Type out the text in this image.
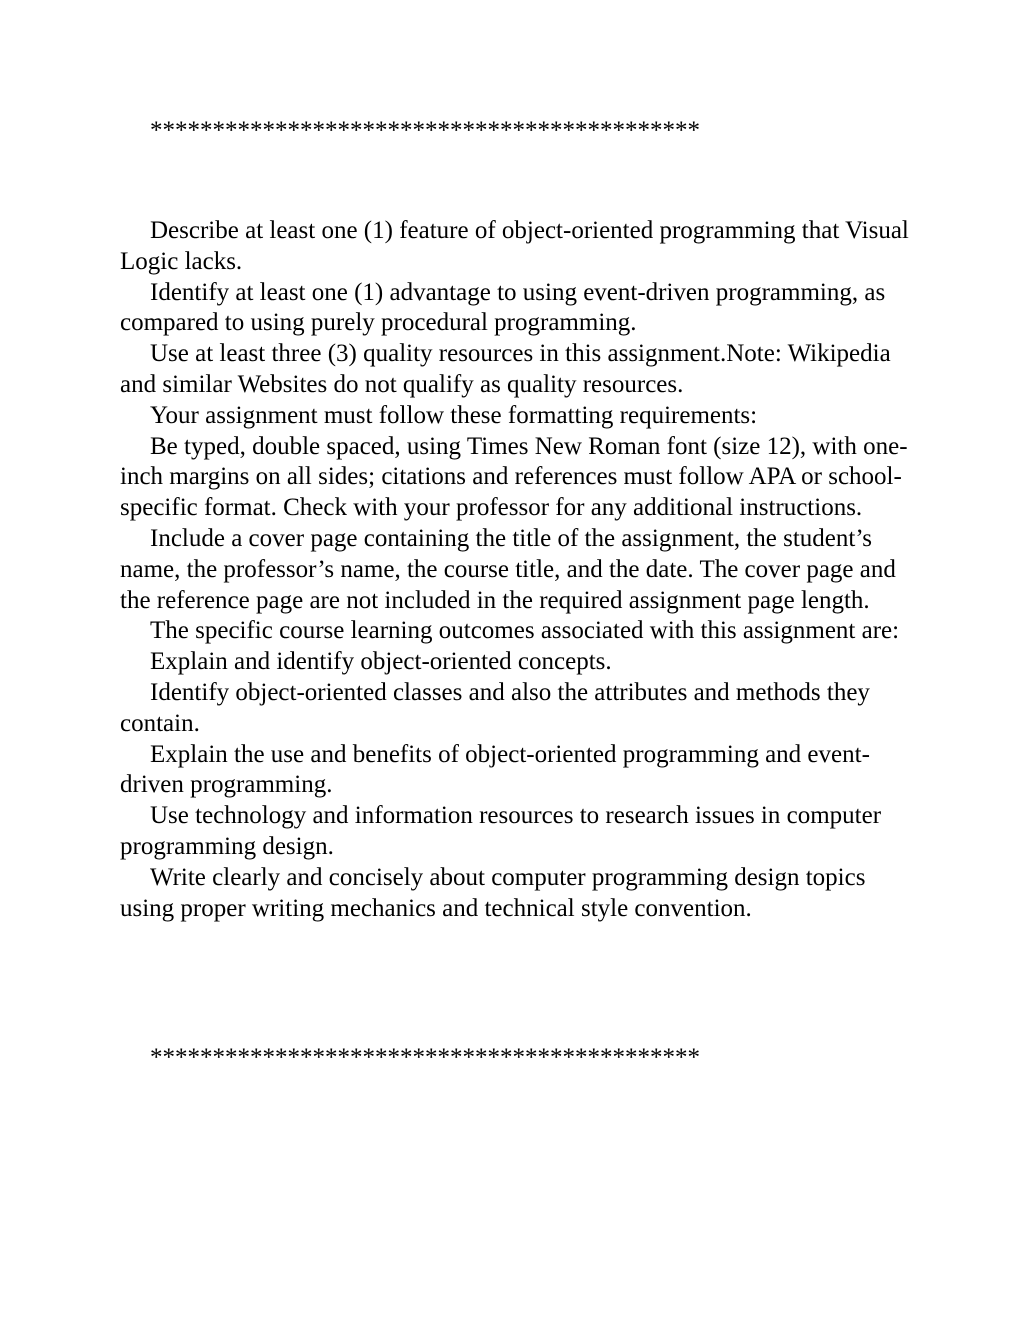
********************************************

Describe at least one (1) feature of object-oriented programming that Visual Logic lacks.

Identify at least one (1) advantage to using event-driven programming, as compared to using purely procedural programming.

Use at least three (3) quality resources in this assignment.Note: Wikipedia and similar Websites do not qualify as quality resources.

Your assignment must follow these formatting requirements:

Be typed, double spaced, using Times New Roman font (size 12), with one-inch margins on all sides; citations and references must follow APA or school-specific format. Check with your professor for any additional instructions.

Include a cover page containing the title of the assignment, the student’s name, the professor’s name, the course title, and the date. The cover page and the reference page are not included in the required assignment page length.

The specific course learning outcomes associated with this assignment are:

Explain and identify object-oriented concepts.

Identify object-oriented classes and also the attributes and methods they contain.

Explain the use and benefits of object-oriented programming and event-driven programming.

Use technology and information resources to research issues in computer programming design.

Write clearly and concisely about computer programming design topics using proper writing mechanics and technical style convention.

********************************************
